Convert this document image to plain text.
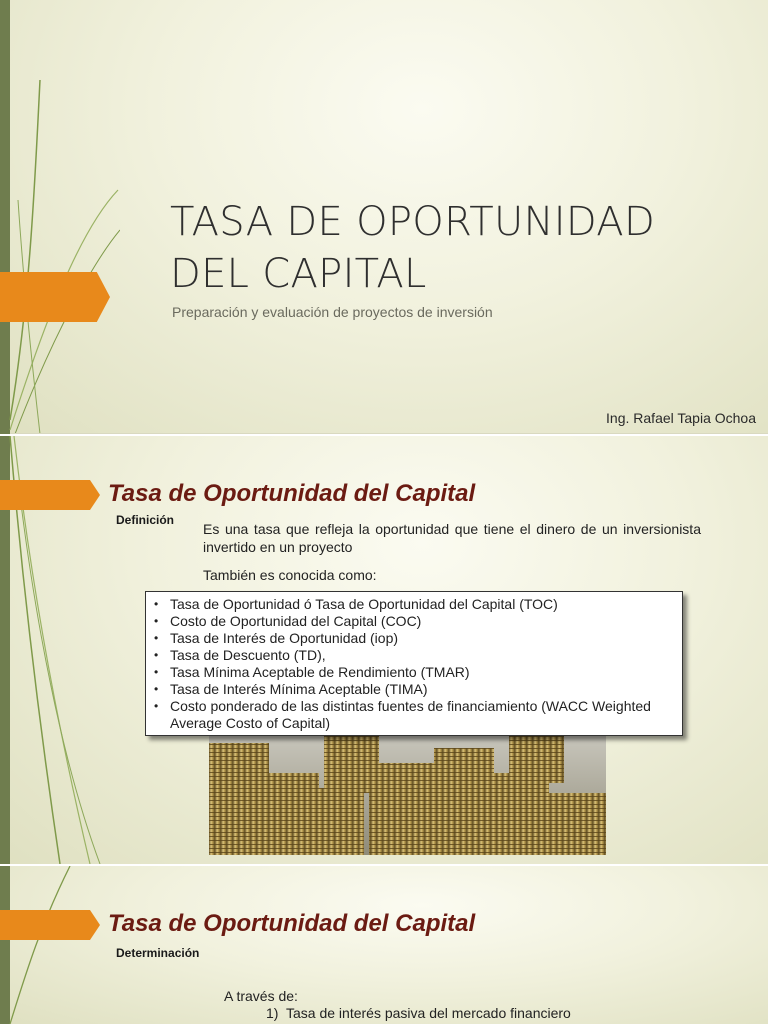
TASA DE OPORTUNIDAD
DEL CAPITAL
Preparación y evaluación de proyectos de inversión
Ing. Rafael Tapia Ochoa
Tasa de Oportunidad del Capital
Definición
Es una tasa que refleja la oportunidad que tiene el dinero de un inversionista invertido en un proyecto
También es conocida como:
• Tasa de Oportunidad ó Tasa de Oportunidad del Capital (TOC)
• Costo de Oportunidad del Capital (COC)
• Tasa de Interés de Oportunidad (iop)
• Tasa de Descuento (TD),
• Tasa Mínima Aceptable de Rendimiento (TMAR)
• Tasa de Interés Mínima Aceptable (TIMA)
• Costo ponderado de las distintas fuentes de financiamiento (WACC Weighted Average Costo of Capital)
Tasa de Oportunidad del Capital
Determinación
A través de:
1) Tasa de interés pasiva del mercado financiero
